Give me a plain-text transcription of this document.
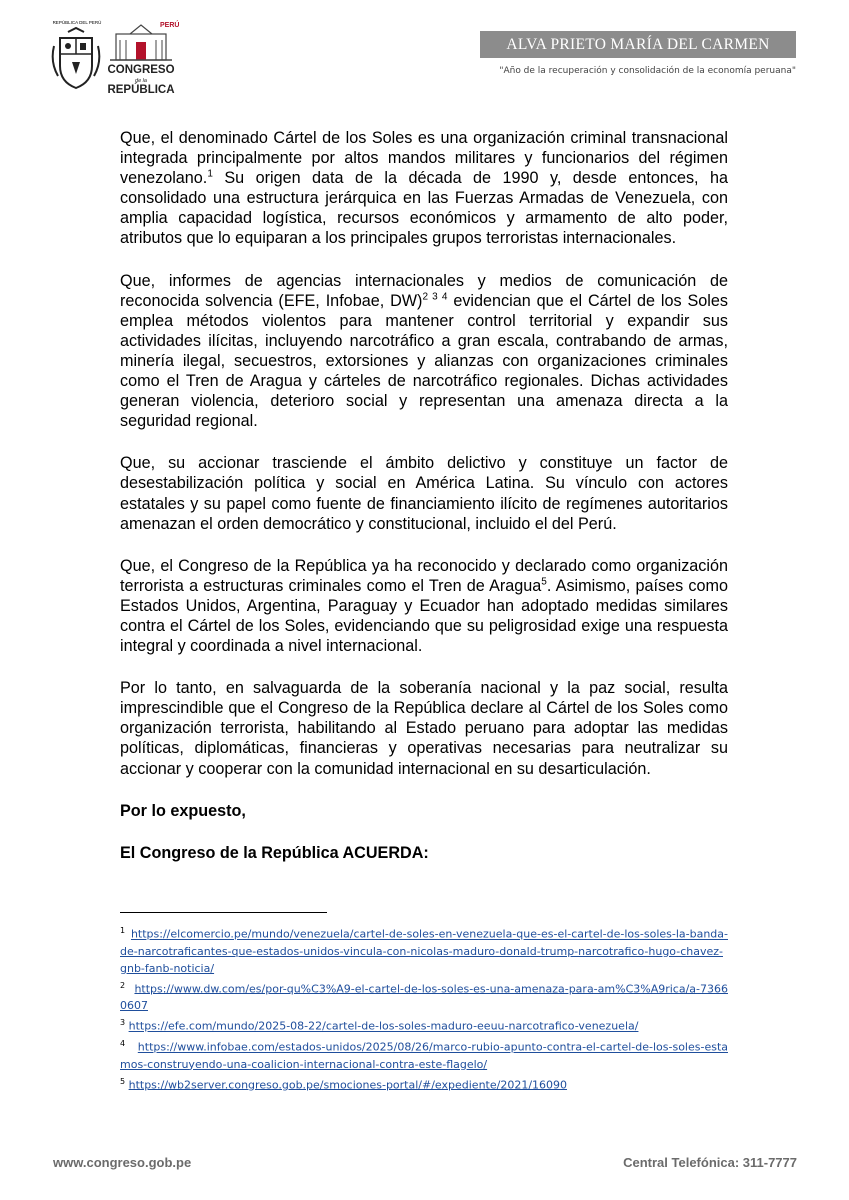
REPÚBLICA DEL PERÚ	PERÚ
CONGRESO
de la
REPÚBLICA
ALVA PRIETO MARÍA DEL CARMEN
"Año de la recuperación y consolidación de la economía peruana"

Que, el denominado Cártel de los Soles es una organización criminal transnacional integrada principalmente por altos mandos militares y funcionarios del régimen venezolano.$^1$ Su origen data de la década de 1990 y, desde entonces, ha consolidado una estructura jerárquica en las Fuerzas Armadas de Venezuela, con amplia capacidad logística, recursos económicos y armamento de alto poder, atributos que lo equiparan a los principales grupos terroristas internacionales.

Que, informes de agencias internacionales y medios de comunicación de reconocida solvencia (EFE, Infobae, DW)$^{2 3 4}$ evidencian que el Cártel de los Soles emplea métodos violentos para mantener control territorial y expandir sus actividades ilícitas, incluyendo narcotráfico a gran escala, contrabando de armas, minería ilegal, secuestros, extorsiones y alianzas con organizaciones criminales como el Tren de Aragua y cárteles de narcotráfico regionales. Dichas actividades generan violencia, deterioro social y representan una amenaza directa a la seguridad regional.

Que, su accionar trasciende el ámbito delictivo y constituye un factor de desestabilización política y social en América Latina. Su vínculo con actores estatales y su papel como fuente de financiamiento ilícito de regímenes autoritarios amenazan el orden democrático y constitucional, incluido el del Perú.

Que, el Congreso de la República ya ha reconocido y declarado como organización terrorista a estructuras criminales como el Tren de Aragua$^5$. Asimismo, países como Estados Unidos, Argentina, Paraguay y Ecuador han adoptado medidas similares contra el Cártel de los Soles, evidenciando que su peligrosidad exige una respuesta integral y coordinada a nivel internacional.

Por lo tanto, en salvaguarda de la soberanía nacional y la paz social, resulta imprescindible que el Congreso de la República declare al Cártel de los Soles como organización terrorista, habilitando al Estado peruano para adoptar las medidas políticas, diplomáticas, financieras y operativas necesarias para neutralizar su accionar y cooperar con la comunidad internacional en su desarticulación.

Por lo expuesto,

El Congreso de la República ACUERDA:

$^1$ https://elcomercio.pe/mundo/venezuela/cartel-de-soles-en-venezuela-que-es-el-cartel-de-los-soles-la-banda-de-narcotraficantes-que-estados-unidos-vincula-con-nicolas-maduro-donald-trump-narcotrafico-hugo-chavez-gnb-fanb-noticia/

$^2$ https://www.dw.com/es/por-qu%C3%A9-el-cartel-de-los-soles-es-una-amenaza-para-am%C3%A9rica/a-73660607

$^3$ https://efe.com/mundo/2025-08-22/cartel-de-los-soles-maduro-eeuu-narcotrafico-venezuela/

$^4$ https://www.infobae.com/estados-unidos/2025/08/26/marco-rubio-apunto-contra-el-cartel-de-los-soles-estamos-construyendo-una-coalicion-internacional-contra-este-flagelo/

$^5$ https://wb2server.congreso.gob.pe/smociones-portal/#/expediente/2021/16090

www.congreso.gob.pe	Central Telefónica: 311-7777
